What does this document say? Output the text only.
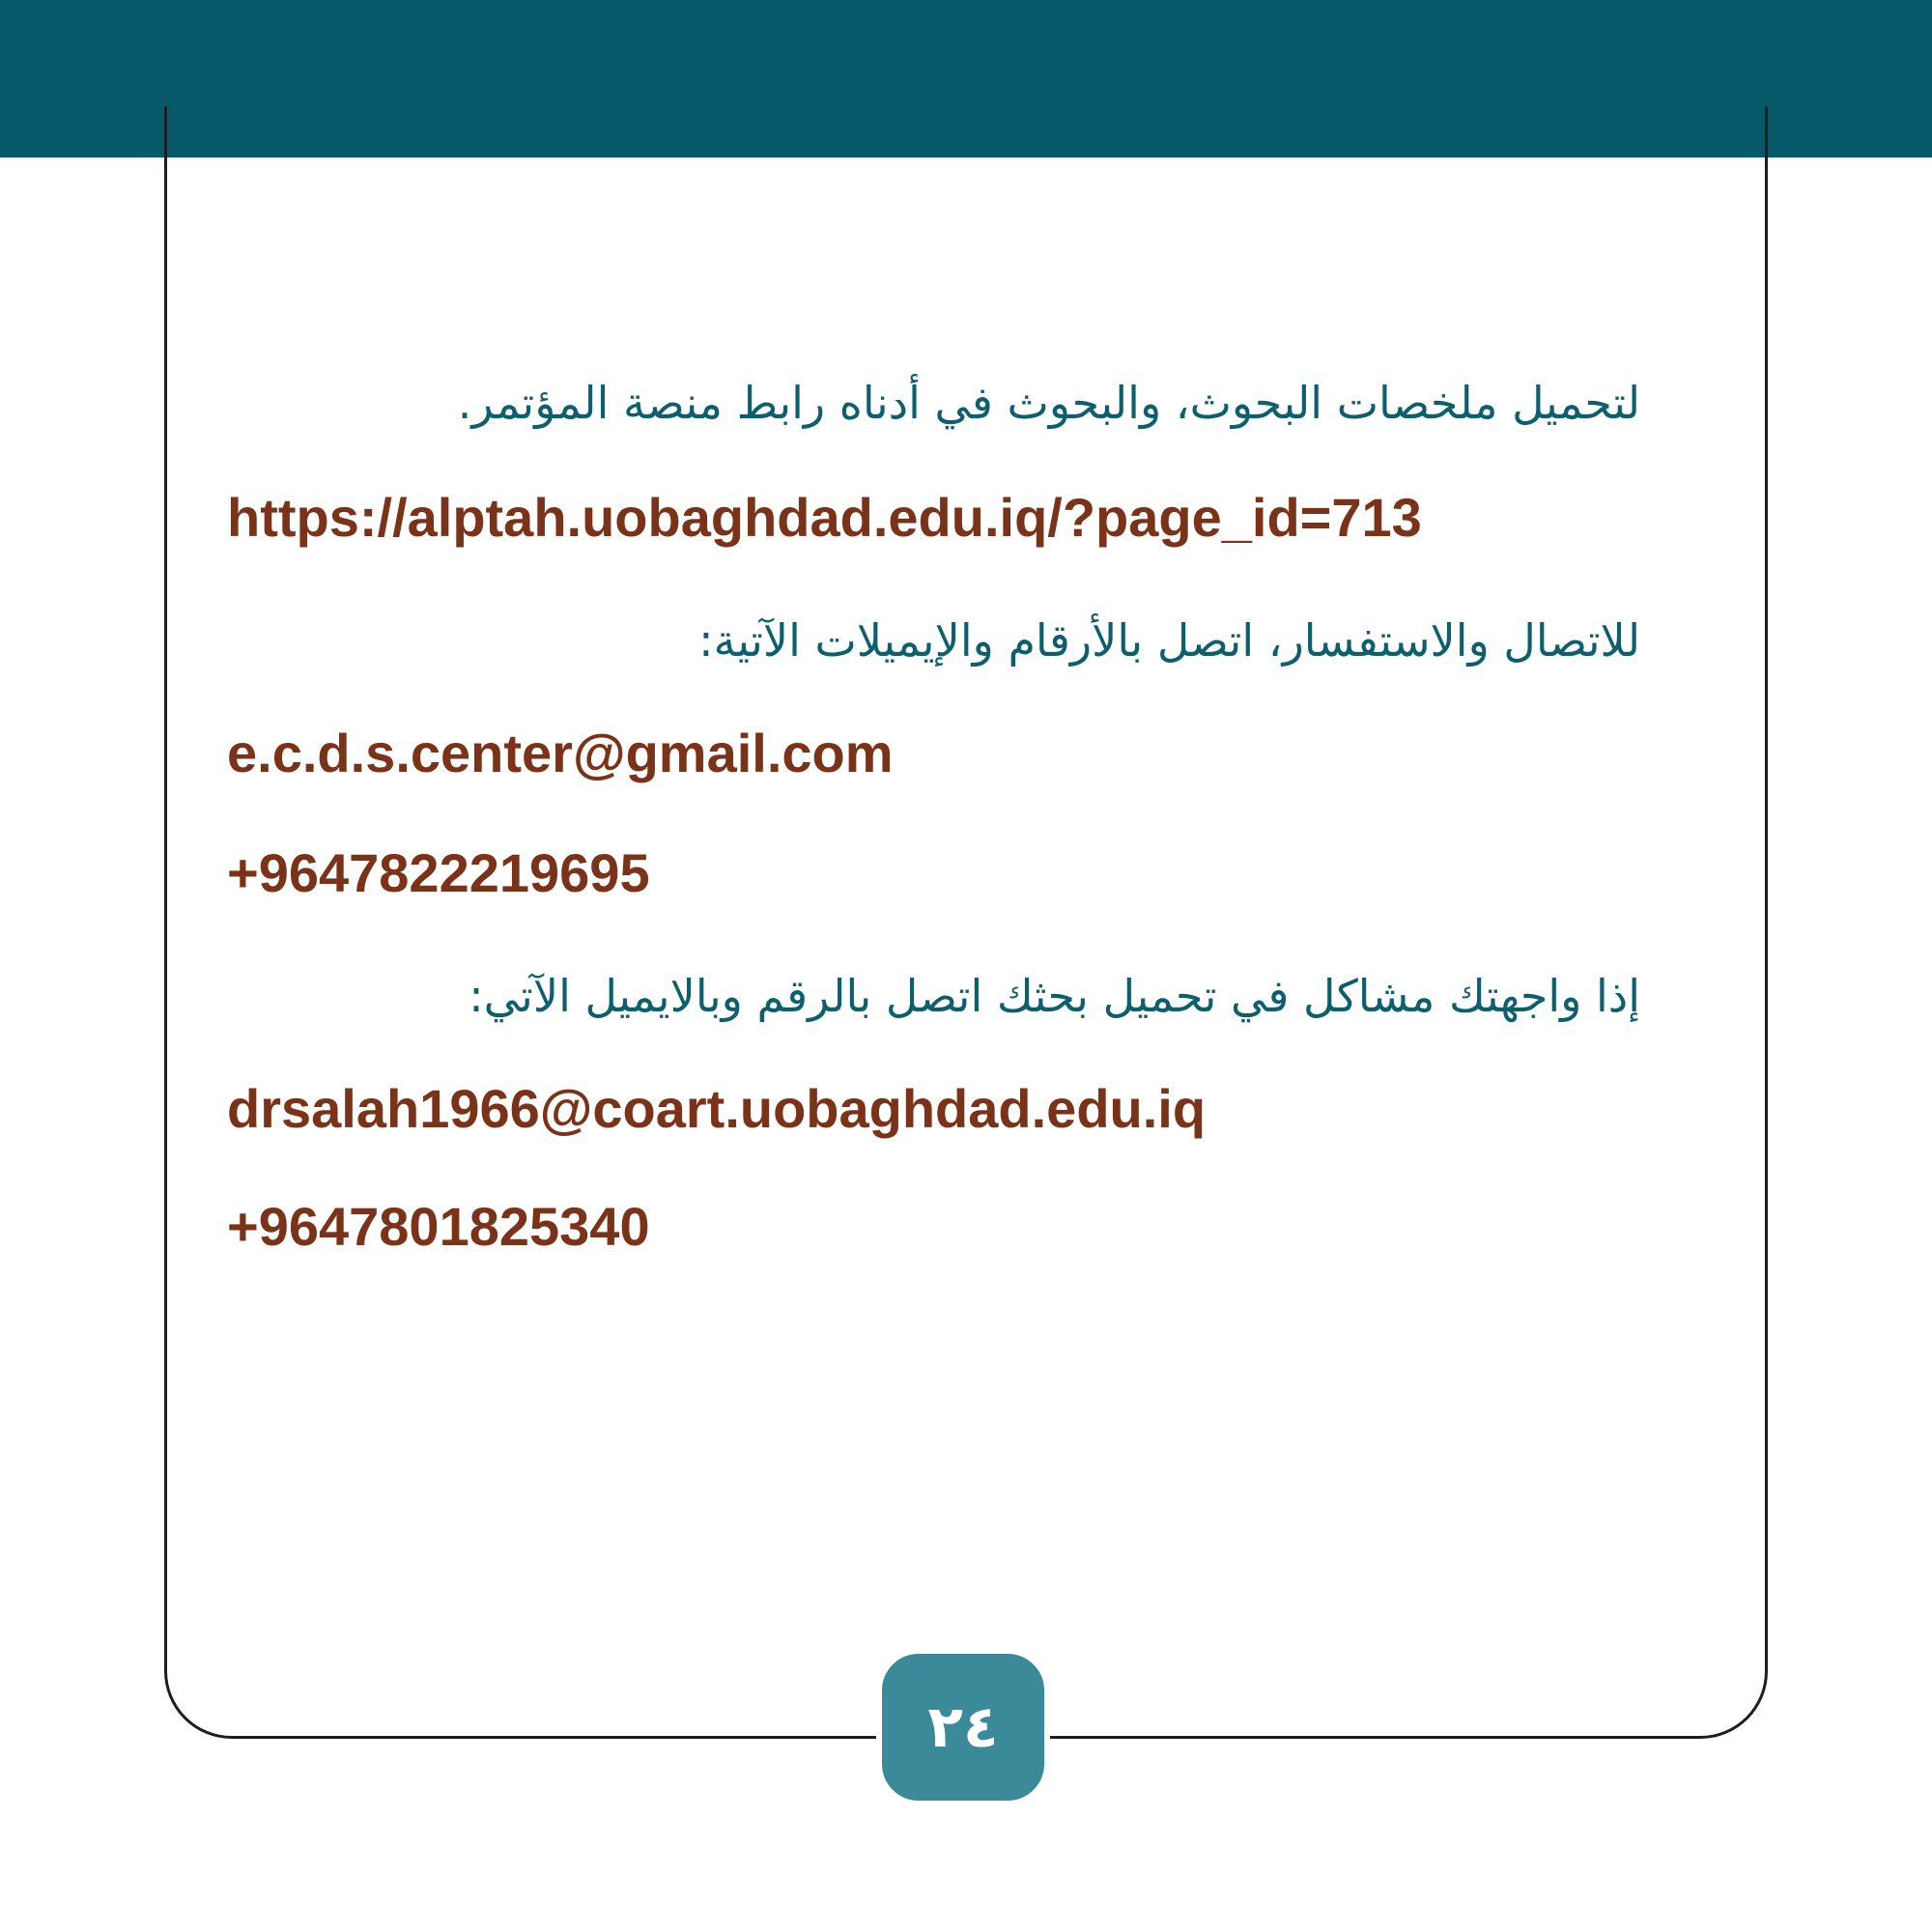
لتحميل ملخصات البحوث، والبحوث في أدناه رابط منصة المؤتمر.
https://alptah.uobaghdad.edu.iq/?page_id=713
للاتصال والاستفسار، اتصل بالأرقام والإيميلات الآتية:
e.c.d.s.center@gmail.com
+9647822219695
إذا واجهتك مشاكل في تحميل بحثك اتصل بالرقم وبالايميل الآتي:
drsalah1966@coart.uobaghdad.edu.iq
+9647801825340
٢٤
